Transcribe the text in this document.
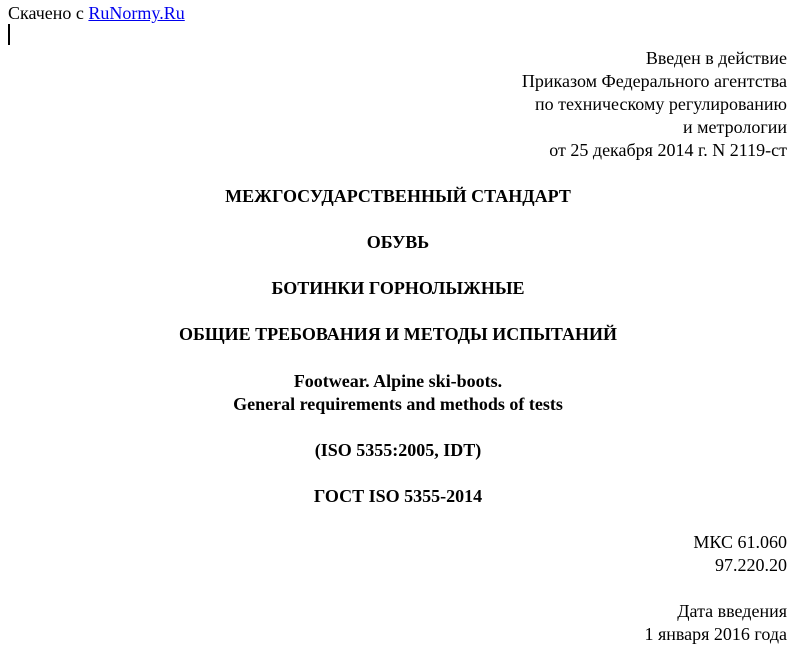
Скачено с RuNormy.Ru
Введен в действие
Приказом Федерального агентства
по техническому регулированию
и метрологии
от 25 декабря 2014 г. N 2119-ст
МЕЖГОСУДАРСТВЕННЫЙ СТАНДАРТ
ОБУВЬ
БОТИНКИ ГОРНОЛЫЖНЫЕ
ОБЩИЕ ТРЕБОВАНИЯ И МЕТОДЫ ИСПЫТАНИЙ
Footwear. Alpine ski-boots.
General requirements and methods of tests
(ISO 5355:2005, IDT)
ГОСТ ISO 5355-2014
МКС 61.060
97.220.20
Дата введения
1 января 2016 года
